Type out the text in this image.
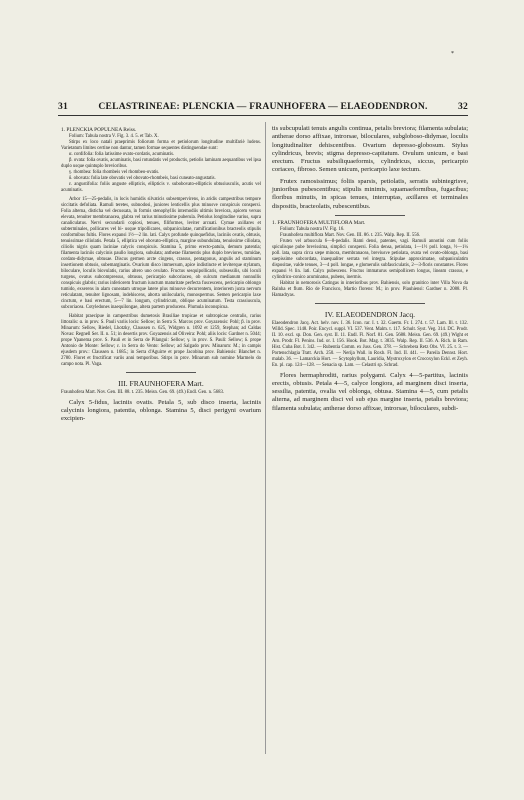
*
31	CELASTRINEAE: PLENCKIA — FRAUNHOFERA — ELAEODENDRON.	32

1. PLENCKIA POPULNEA Reiss.

Folium: Tabula nostra V. Fig. 3. 4. 5. et Tab. X.

Stirps ex loco natali praeprimis foliorum forma et petiolorum longitudine multifariė ludens. Varietatum limites certine non dantur, tamen formae sequentes distinguendae sunt:

α. cordifolia: folia latissime ovato-cordatis, acuminatis.

β. ovata: folia ovatis, acuminatis, basi rotundatis vel productis, petiolis laminam aequantibus vel ipsa duplo usque quintuplo brevioribus.

γ. rhombea: folia rhombeis vel rhombeo-ovatis.

δ. obovata: folia late obovatis vel obovato-rhombeis, basi cuneato-angustatis.

ε. angustifolia: foliis anguste ellipticis, ellipticis v. subobovato-ellipticis obtusiusculis, acutis vel acuminatis.

Arbor 15—25-pedalis, in locis humidis silvaticis subsempervirens, in aridis campestribus tempore siccitatis defoliata. Ramuli teretes, subnodosi, juniores lenticellis plus minusve conspicuis conspersi. Folia alterna, disticha vel decussata, in formis stenophyllis internodiis ultimis breviora, apicem versus elevata, tenuiter membranacea, glabra vel rarius minutissime puberula. Petiolus longitudine varius, supra canaliculatus. Nervi secundarii copiosi, tenues, filiformes, leviter arcuati. Cymae axillares et subterminales, pollicares vel bi- usque tripollicares, subpaniculatae, ramificationibus bracteolis stipulis conformibus fultis. Flores expansi 1½—2 lin. lati. Calyx profunde quinquefidus, laciniis ovatis, obtusis, tenuissimae ciliolatis. Petala 5, elliptica vel obovato-elliptica, margine subundulata, tenuissime ciliolata, ciliolis nigris quam laciniae calycis conspicuis. Stamina 5, primo erecto-patula, demum patentia; filamenta laciniis calycinis paullo longiora, subulata; antherae filamentis plus duplo breviores, tumidae, cordato-didymae, obtusae. Discus germen arcte cingens, crassus, pentagonus, angulis ad staminum insertionem obtusis, subemarginatis. Ovarium disco immersum, apice indistincte et leviterque stylatum, biloculare, loculis biovulatis, rarius altero uno ovulato. Fructus sesquipollicaris, subsessilis, ubi loculi turgens, ovatus subcompressus, obtusus, pericarpio subcoriaceo, ob sulcum medianum nonnullis conspicuis glabris; rarius inferiorem fructum iunctum maturitate perfecta fuscescens, pericarpio oblongo tumido, exserens in alam cuneatam utroque latere plus minusve decurrentem, interiorem juxta nervum reticulatam, tenuiter lignosam, indehiscens, aborta unilocularis, monospermus. Semen pericarpio laxe cinctum, e basi erectum, 5—7 lin. longum, cylindricum, oblique acuminatum. Testa crassiuscula, subcoriacea. Cotyledones inaequilongae, altera partem producens. Plumula inconspicua.

Habitat praecipue in campestribus dumetosis Brasiliae tropicae et subtropicae centralis, rarius littoralis: α. in prov. S. Pauli variis locis: Sellow; in Serra S. Marcos prov. Goyazensis: Pohl; β. in prov. Minarum: Sellow, Riedel, Lhotzky, Claussen n. 625, Widgren n. 1092 et 1259, Stephan; ad Caldas Novas: Regnell Ser. II. n. 51; in desertis prov. Goyazensis ad Oliveira: Pohl; aliis locis: Gardner n. 5044; prope Ypanema prov. S. Pauli et in Serra de Pilangui: Sellow; γ. in prov. S. Pauli: Sellow; δ. prope Antonio de Monte: Sellow; ε. in Serra do Vento: Sellow; ad Salgado prov. Minarum: M.; in campis ejusdem prov.: Claussen n. 1685.; in Serra d'Aguirre et prope Jacobina prov. Bahiensis: Blanchet n. 2780. Floret et fructificat variis anni temporibus. Stirps in prov. Minarum sub nomine Marmelo do campo nota. Pl. Vaga.

III. FRAUNHOFERA Mart.

Fraunhofera Mart. Nov. Gen. III. 88. t. 235. Meisn. Gen. 69. (49.) Endl. Gen. n. 5683.

Calyx 5-fidus, laciniis ovatis. Petala 5, sub disco inserta, laciniis calycinis longiora, patentia, oblonga. Stamina 5, disci perigyni ovarium excipien-

tis subcupulati tenuis angulis continua, petalis breviora; filamenta subulata; antherae dorso affixae, introrsae, biloculares, subgloboso-didymae, loculis longitudinaliter dehiscentibus. Ovarium depresso-globosum. Stylus cylindricus, brevis; stigma depresso-capitatum. Ovulum unicum, e basi erectum. Fructus subsiliquaeformis, cylindricus, siccus, pericarpio coriaceo, fibroso. Semen unicum, pericarpio laxe tectum.

Frutex ramosissimus; foliis sparsis, petiolatis, serratis subintegrisve, junioribus pubescentibus; stipulis minimis, squamaeformibus, fugacibus; floribus minutis, in spicas tenues, interruptas, axillares et terminales dispositis, bracteolatis, rubescentibus.

1. FRAUNHOFERA MULTIFLORA Mart.

Folium: Tabula nostra IV. Fig. 16.

Fraunhofera multiflora Mart. Nov. Gen. III. 86. t. 235. Walp. Rep. II. 556.

Frutex vel arbuscula 6—8-pedalis. Rami densi, patentes, vagi. Ramuli annotini cum foliis spiculisque pube brevissima, simplici conspersi. Folia densa, petiolata, 1—1½ poll. longa, ½—1¼ poll. lata, supra circa sæpe minora, membranacea, breviusve petiolata, ovata vel ovato-oblonga, basi saepissime subcordata, inaequaliter serrata vel integra. Stipulae approximatae, subpaniculatim dispositae, valde tenues, 3—4 poll. longae, e glomerulis subfasciculatis, 2—3-floris constantes. Flores expansi ⅓ lin. lati. Calyx pubescens. Fructus immaturus semipollicem longus, lineam crassus, e cylindrico-conico acuminatus, pubens, inermis.

Habitat in nemorosis Catingas in interioribus prov. Bahiensis, solo granitico inter Villa Nova da Rainha et flum. Rio de Francisco, Martio florens: M.; in prov. Piauhiensi: Gardner n. 2088. Pl. Hamadryas.

IV. ELAEODENDRON Jacq.

Elaeodendron Jacq. Act. helv. nov. I. 36. Icon. rar. I. t. 32. Gaertn. Fr. I. 274. t. 57. Lam. Ill. t. 132. Willd. Spec. 1148. Poir. Encycl. suppl. VI. 537. Vent. Malm. t. 117. Schult. Syst. Veg. 314. DC. Prodr. II. 10. excl. sp. Don. Gen. syst. II. 11. Endl. Fl. Norf. 81. Gen. 5688. Meisn. Gen. 69. (49.) Wight et Arn. Prodr. Fl. Penins. Ind. or. I. 156. Hook. Bot. Mag. t. 3835. Walp. Rep. II. 536. A. Rich. in Ram. Hist. Cuba Bot. I. 342. — Rubentia Comm. ex Juss. Gen. 378. — Schrebera Retz Obs. VI. 25. t. 3. — Portenschlagia Tratt. Arch. 250. — Nerija Wall. in Roxb. Fl. Ind. II. 441. — Pareila Dennst. Hort. malab. 36. — Lamarckia Hort. — Scytophyllum, Lauridia, Mystroxylon et Crocoxylon Eckl. et Zeyh. En. pl. cap. 124—128. — Senacia sp. Lam. — Celastri sp. Schrad.

Flores hermaphroditi, rarius polygami. Calyx 4—5-partitus, laciniis erectis, obtusis. Petala 4—5, calyce longiora, ad marginem disci inserta, sessilia, patentia, ovalia vel oblonga, obtusa. Stamina 4—5, cum petalis alterna, ad marginem disci vel sub ejus margine inserta, petalis breviora; filamenta subulata; antherae dorso affixae, introrsae, biloculares, subdi-
